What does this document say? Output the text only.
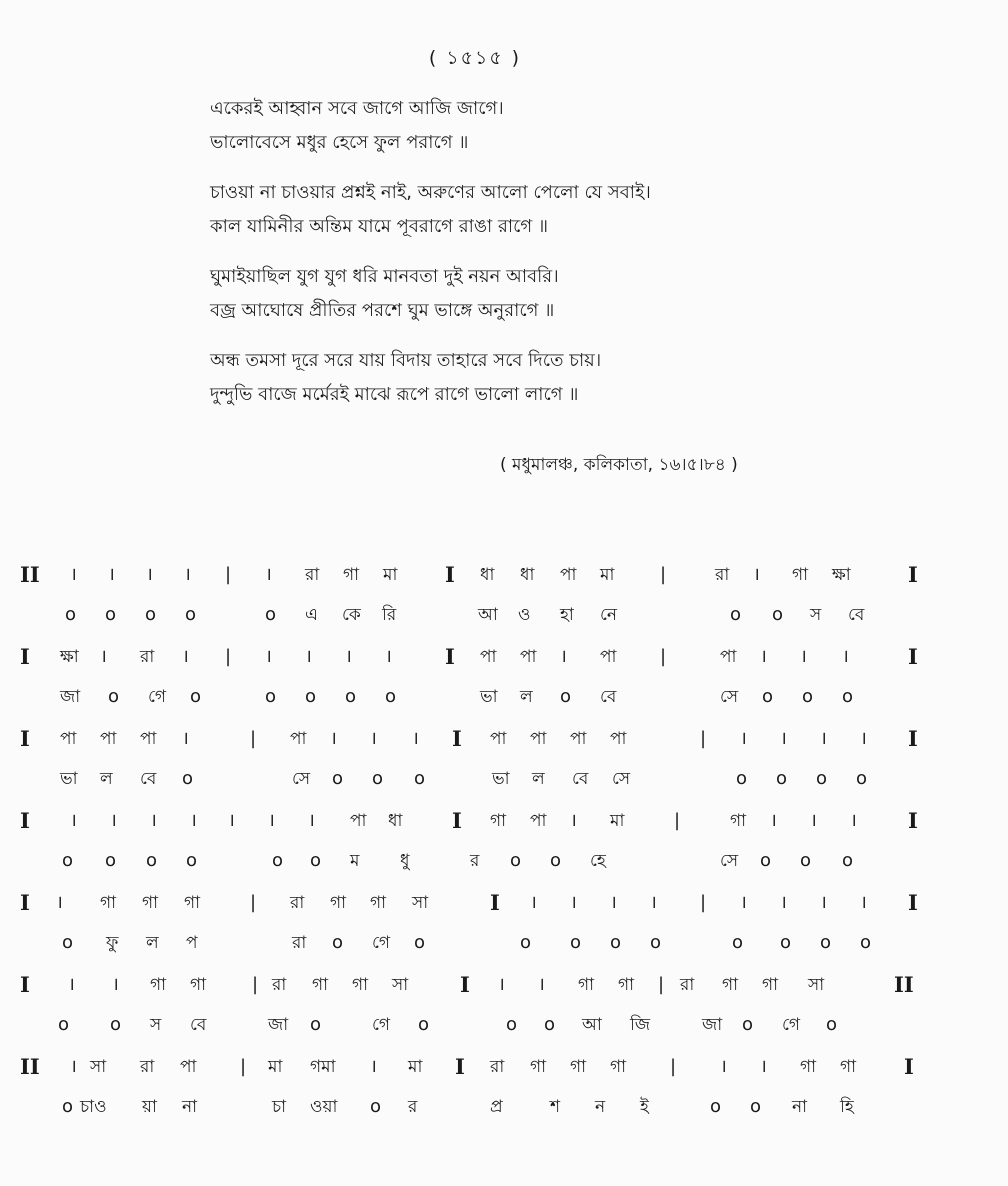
( ১৫১৫ )
একেরই আহ্বান সবে জাগে আজি জাগে।
ভালোবেসে মধুর হেসে ফুল পরাগে ॥
চাওয়া না চাওয়ার প্রশ্নই নাই, অরুণের আলো পেলো যে সবাই।
কাল যামিনীর অন্তিম যামে পূবরাগে রাঙা রাগে ॥
ঘুমাইয়াছিল যুগ যুগ ধরি মানবতা দুই নয়ন আবরি।
বজ্র আঘোষে প্রীতির পরশে ঘুম ভাঙ্গে অনুরাগে ॥
অন্ধ তমসা দূরে সরে যায় বিদায় তাহারে সবে দিতে চায়।
দুন্দুভি বাজে মর্মেরই মাঝে রূপে রাগে ভালো লাগে ॥
( মধুমালঞ্চ, কলিকাতা, ১৬।৫।৮৪ )
II । । । । | । রা গা মা I ধা ধা পা মা	|	রা । গা ক্ষা	I
o o o o	o এ কে রি	আ ও হা নে	o o স বে
I ক্ষা । রা । | । । । ।	I পা পা । পা |	পা । । ।	I
জা o গে o	o o o o	ভা ল o বে	সে o o o
I পা পা পা ।	| পা । । । I পা পা পা পা	| । । । । I
ভা ল বে o	সে o o o	ভা ল বে সে	o o o o
I । । । । । । । পা ধা I গা পা । মা	|	গা । । । I
o o o o	o o ম ধু	র o o হে	সে o o o
I । গা গা গা	| রা গা গা সা	I । । । । | । । । । I
o ফু ল প	রা o গে o	o o o o	o o o o
I । । গা গা	| রা গা গা সা I । । গা গা | রা গা গা সা	II
o o স বে	জা o	গে o	o o আ জি	জা o গে o
II । সা রা পা | মা গমা । মা I রা গা গা গা | । । গা গা I
o চাও য়া না	চা ওয়া o র	প্র	শ ন ই	o o না হি
